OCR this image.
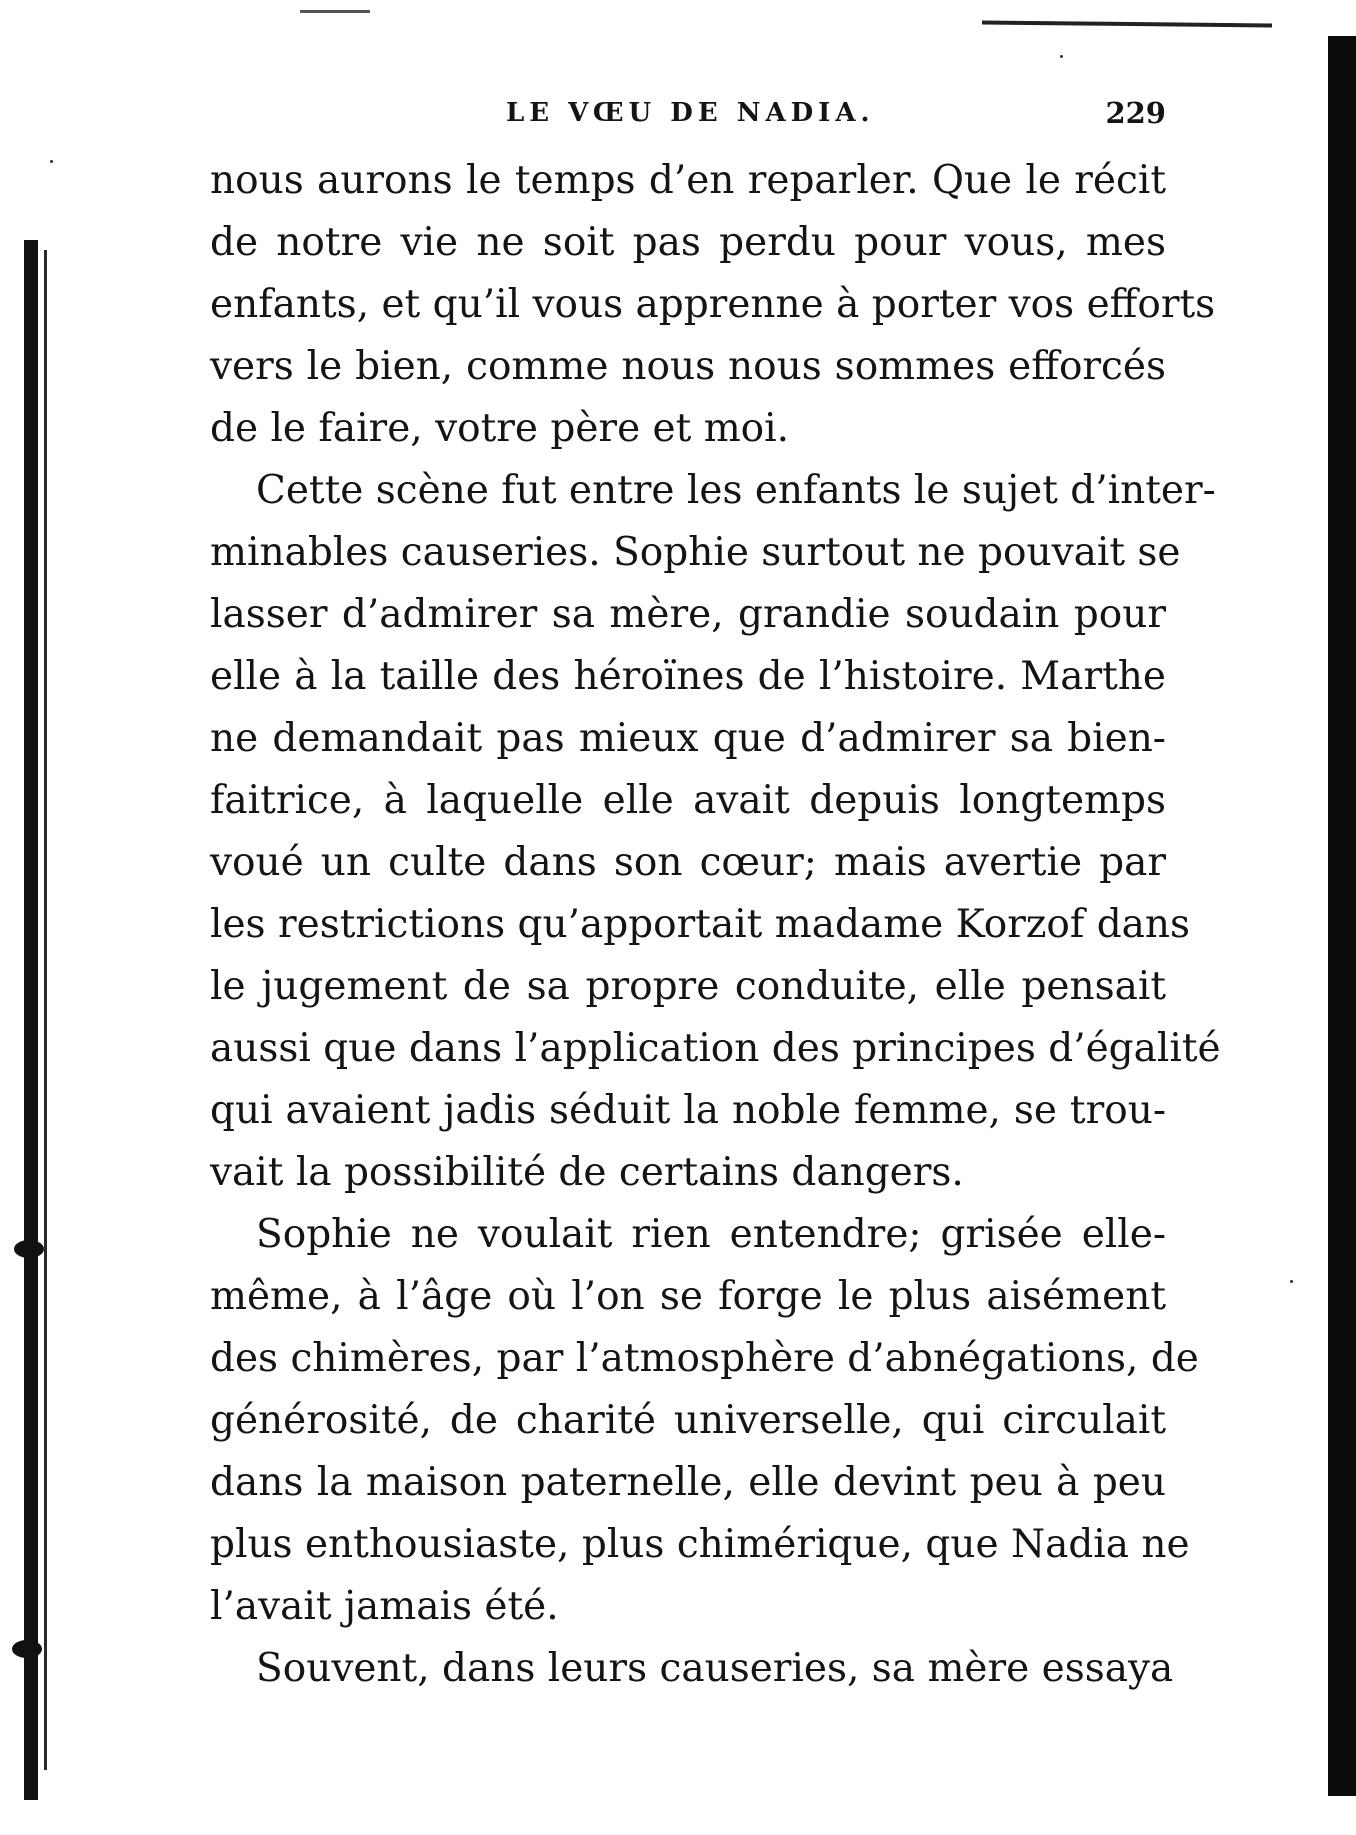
LE VŒU DE NADIA.	229
nous aurons le temps d’en reparler. Que le récit
de notre vie ne soit pas perdu pour vous, mes
enfants, et qu’il vous apprenne à porter vos efforts
vers le bien, comme nous nous sommes efforcés
de le faire, votre père et moi.
Cette scène fut entre les enfants le sujet d’inter-
minables causeries. Sophie surtout ne pouvait se
lasser d’admirer sa mère, grandie soudain pour
elle à la taille des héroïnes de l’histoire. Marthe
ne demandait pas mieux que d’admirer sa bien-
faitrice, à laquelle elle avait depuis longtemps
voué un culte dans son cœur; mais avertie par
les restrictions qu’apportait madame Korzof dans
le jugement de sa propre conduite, elle pensait
aussi que dans l’application des principes d’égalité
qui avaient jadis séduit la noble femme, se trou-
vait la possibilité de certains dangers.
Sophie ne voulait rien entendre; grisée elle-
même, à l’âge où l’on se forge le plus aisément
des chimères, par l’atmosphère d’abnégations, de
générosité, de charité universelle, qui circulait
dans la maison paternelle, elle devint peu à peu
plus enthousiaste, plus chimérique, que Nadia ne
l’avait jamais été.
Souvent, dans leurs causeries, sa mère essaya
